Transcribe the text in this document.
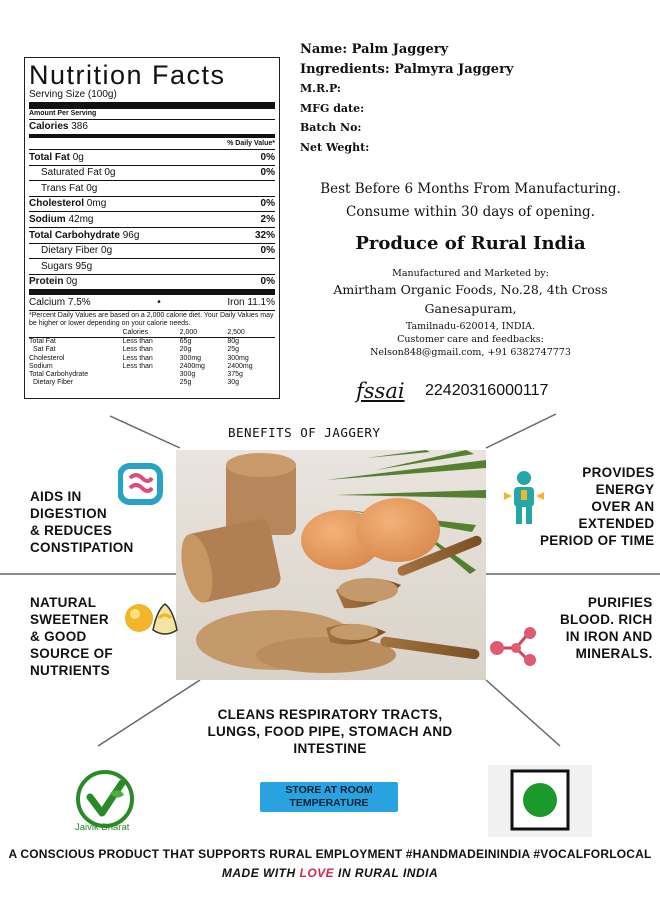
Nutrition Facts
Serving Size (100g)
Amount Per Serving
Calories 386
% Daily Value*
Total Fat 0g	0%
Saturated Fat 0g	0%
Trans Fat 0g
Cholesterol 0mg	0%
Sodium 42mg	2%
Total Carbohydrate 96g	32%
Dietary Fiber 0g	0%
Sugars 95g
Protein 0g	0%
Calcium 7.5%	•	Iron 11.1%
*Percent Daily Values are based on a 2,000 calorie diet. Your Daily Values may be higher or lower depending on your calorie needs.
	Calories	2,000	2,500
Total Fat	Less than	65g	80g
Sat Fat	Less than	20g	25g
Cholesterol	Less than	300mg	300mg
Sodium	Less than	2400mg	2400mg
Total Carbohydrate		300g	375g
Dietary Fiber		25g	30g
Name: Palm Jaggery
Ingredients: Palmyra Jaggery
M.R.P:
MFG date:
Batch No:
Net Weght:
Best Before 6 Months From Manufacturing.
Consume within 30 days of opening.
Produce of Rural India
Manufactured and Marketed by:
Amirtham Organic Foods, No.28, 4th Cross
Ganesapuram,
Tamilnadu-620014, INDIA.
Customer care and feedbacks:
Nelson848@gmail.com, +91 6382747773
fssai 22420316000117
BENEFITS OF JAGGERY
AIDS IN
DIGESTION
& REDUCES
CONSTIPATION
PROVIDES
ENERGY
OVER AN
EXTENDED
PERIOD OF TIME
NATURAL
SWEETNER
& GOOD
SOURCE OF
NUTRIENTS
PURIFIES
BLOOD. RICH
IN IRON AND
MINERALS.
CLEANS RESPIRATORY TRACTS,
LUNGS, FOOD PIPE, STOMACH AND
INTESTINE
Jaivik Bharat
STORE AT ROOM
TEMPERATURE
A CONSCIOUS PRODUCT THAT SUPPORTS RURAL EMPLOYMENT #HANDMADEININDIA #VOCALFORLOCAL
MADE WITH LOVE IN RURAL INDIA
